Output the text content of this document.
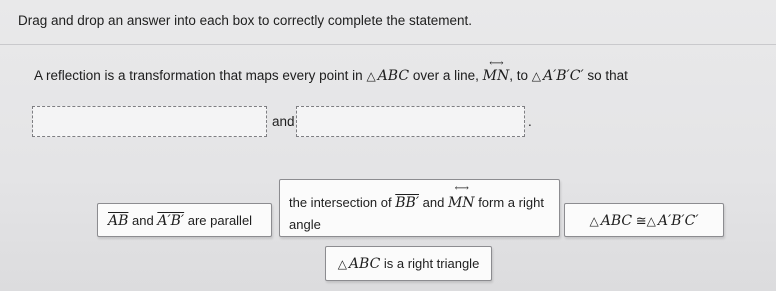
Drag and drop an answer into each box to correctly complete the statement.
A reflection is a transformation that maps every point in △ ABC over a line,
⟷
MN, to △ A′B′C′ so that
and	.
$\overline{AB}$ and A′B′ are parallel
the intersection of BB′ and
⟷
MN form a right angle	△ ABC ≅△ A′B′C′
△ ABC is a right triangle
